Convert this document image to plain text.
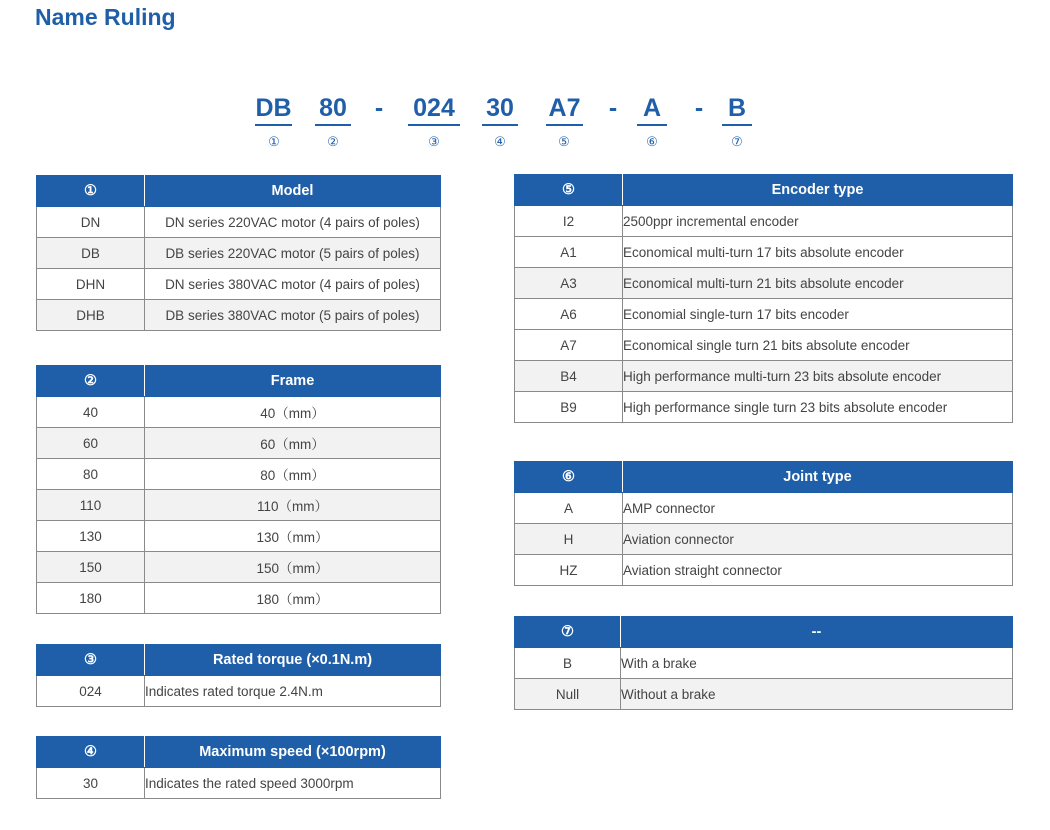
Name Ruling
DB 80 - 024 30 A7 - A - B
①	②	③	④	⑤	⑥	⑦
①	Model
DN	DN series 220VAC motor (4 pairs of poles)
DB	DB series 220VAC motor (5 pairs of poles)
DHN	DN series 380VAC motor (4 pairs of poles)
DHB	DB series 380VAC motor (5 pairs of poles)
②	Frame
40	40（mm）
60	60（mm）
80	80（mm）
110	110（mm）
130	130（mm）
150	150（mm）
180	180（mm）
③	Rated torque (×0.1N.m)
024	Indicates rated torque 2.4N.m
④	Maximum speed (×100rpm)
30	Indicates the rated speed 3000rpm
⑤	Encoder type
I2	2500ppr incremental encoder
A1	Economical multi-turn 17 bits absolute encoder
A3	Economical multi-turn 21 bits absolute encoder
A6	Economial single-turn 17 bits encoder
A7	Economical single turn 21 bits absolute encoder
B4	High performance multi-turn 23 bits absolute encoder
B9	High performance single turn 23 bits absolute encoder
⑥	Joint type
A	AMP connector
H	Aviation connector
HZ	Aviation straight connector
⑦	--
B	With a brake
Null	Without a brake
